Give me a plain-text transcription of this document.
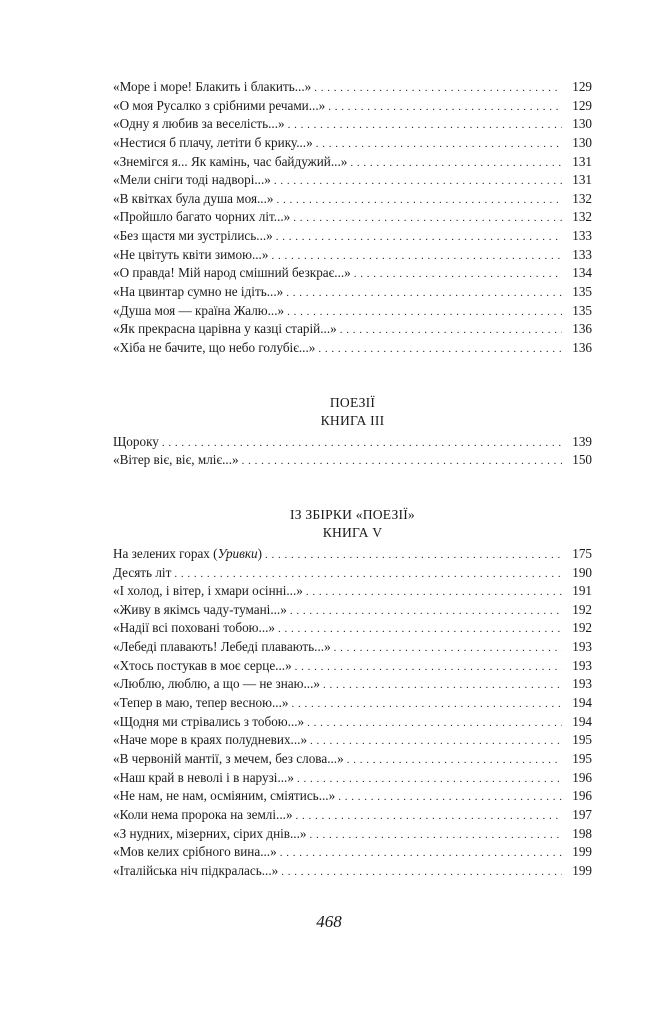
«Море і море! Блакить і блакить...» . . .	129
«О моя Русалко з срібними речами...» . . .	129
«Одну я любив за веселість...» . . .	130
«Нестися б плачу, летіти б крику...» . . .	130
«Знемігся я... Як камінь, час байдужий...» . . .	131
«Мели сніги тоді надворі...» . . .	131
«В квітках була душа моя...» . . .	132
«Пройшло багато чорних літ...» . . .	132
«Без щастя ми зустрілись...» . . .	133
«Не цвітуть квіти зимою...» . . .	133
«О правда! Мій народ смішний безкрає...» . . .	134
«На цвинтар сумно не ідіть...» . . .	135
«Душа моя — країна Жалю...» . . .	135
«Як прекрасна царівна у казці старій...» . . .	136
«Хіба не бачите, що небо голубіє...» . . .	136
ПОЕЗІЇ
КНИГА III
Щороку . . .	139
«Вітер віє, віє, мліє...» . . .	150
ІЗ ЗБІРКИ «ПОЕЗІЇ»
КНИГА V
На зелених горах (Уривки) . . .	175
Десять літ . . .	190
«І холод, і вітер, і хмари осінні...» . . .	191
«Живу в якімсь чаду-тумані...» . . .	192
«Надії всі поховані тобою...» . . .	192
«Лебеді плавають! Лебеді плавають...» . . .	193
«Хтось постукав в моє серце...» . . .	193
«Люблю, люблю, а що — не знаю...» . . .	193
«Тепер в маю, тепер весною...» . . .	194
«Щодня ми стрівались з тобою...» . . .	194
«Наче море в краях полудневих...» . . .	195
«В червоній мантії, з мечем, без слова...» . . .	195
«Наш край в неволі і в нарузі...» . . .	196
«Не нам, не нам, осміяним, сміятись...» . . .	196
«Коли нема пророка на землі...» . . .	197
«З нудних, мізерних, сірих днів...» . . .	198
«Мов келих срібного вина...» . . .	199
«Італійська ніч підкралась...» . . .	199
468
